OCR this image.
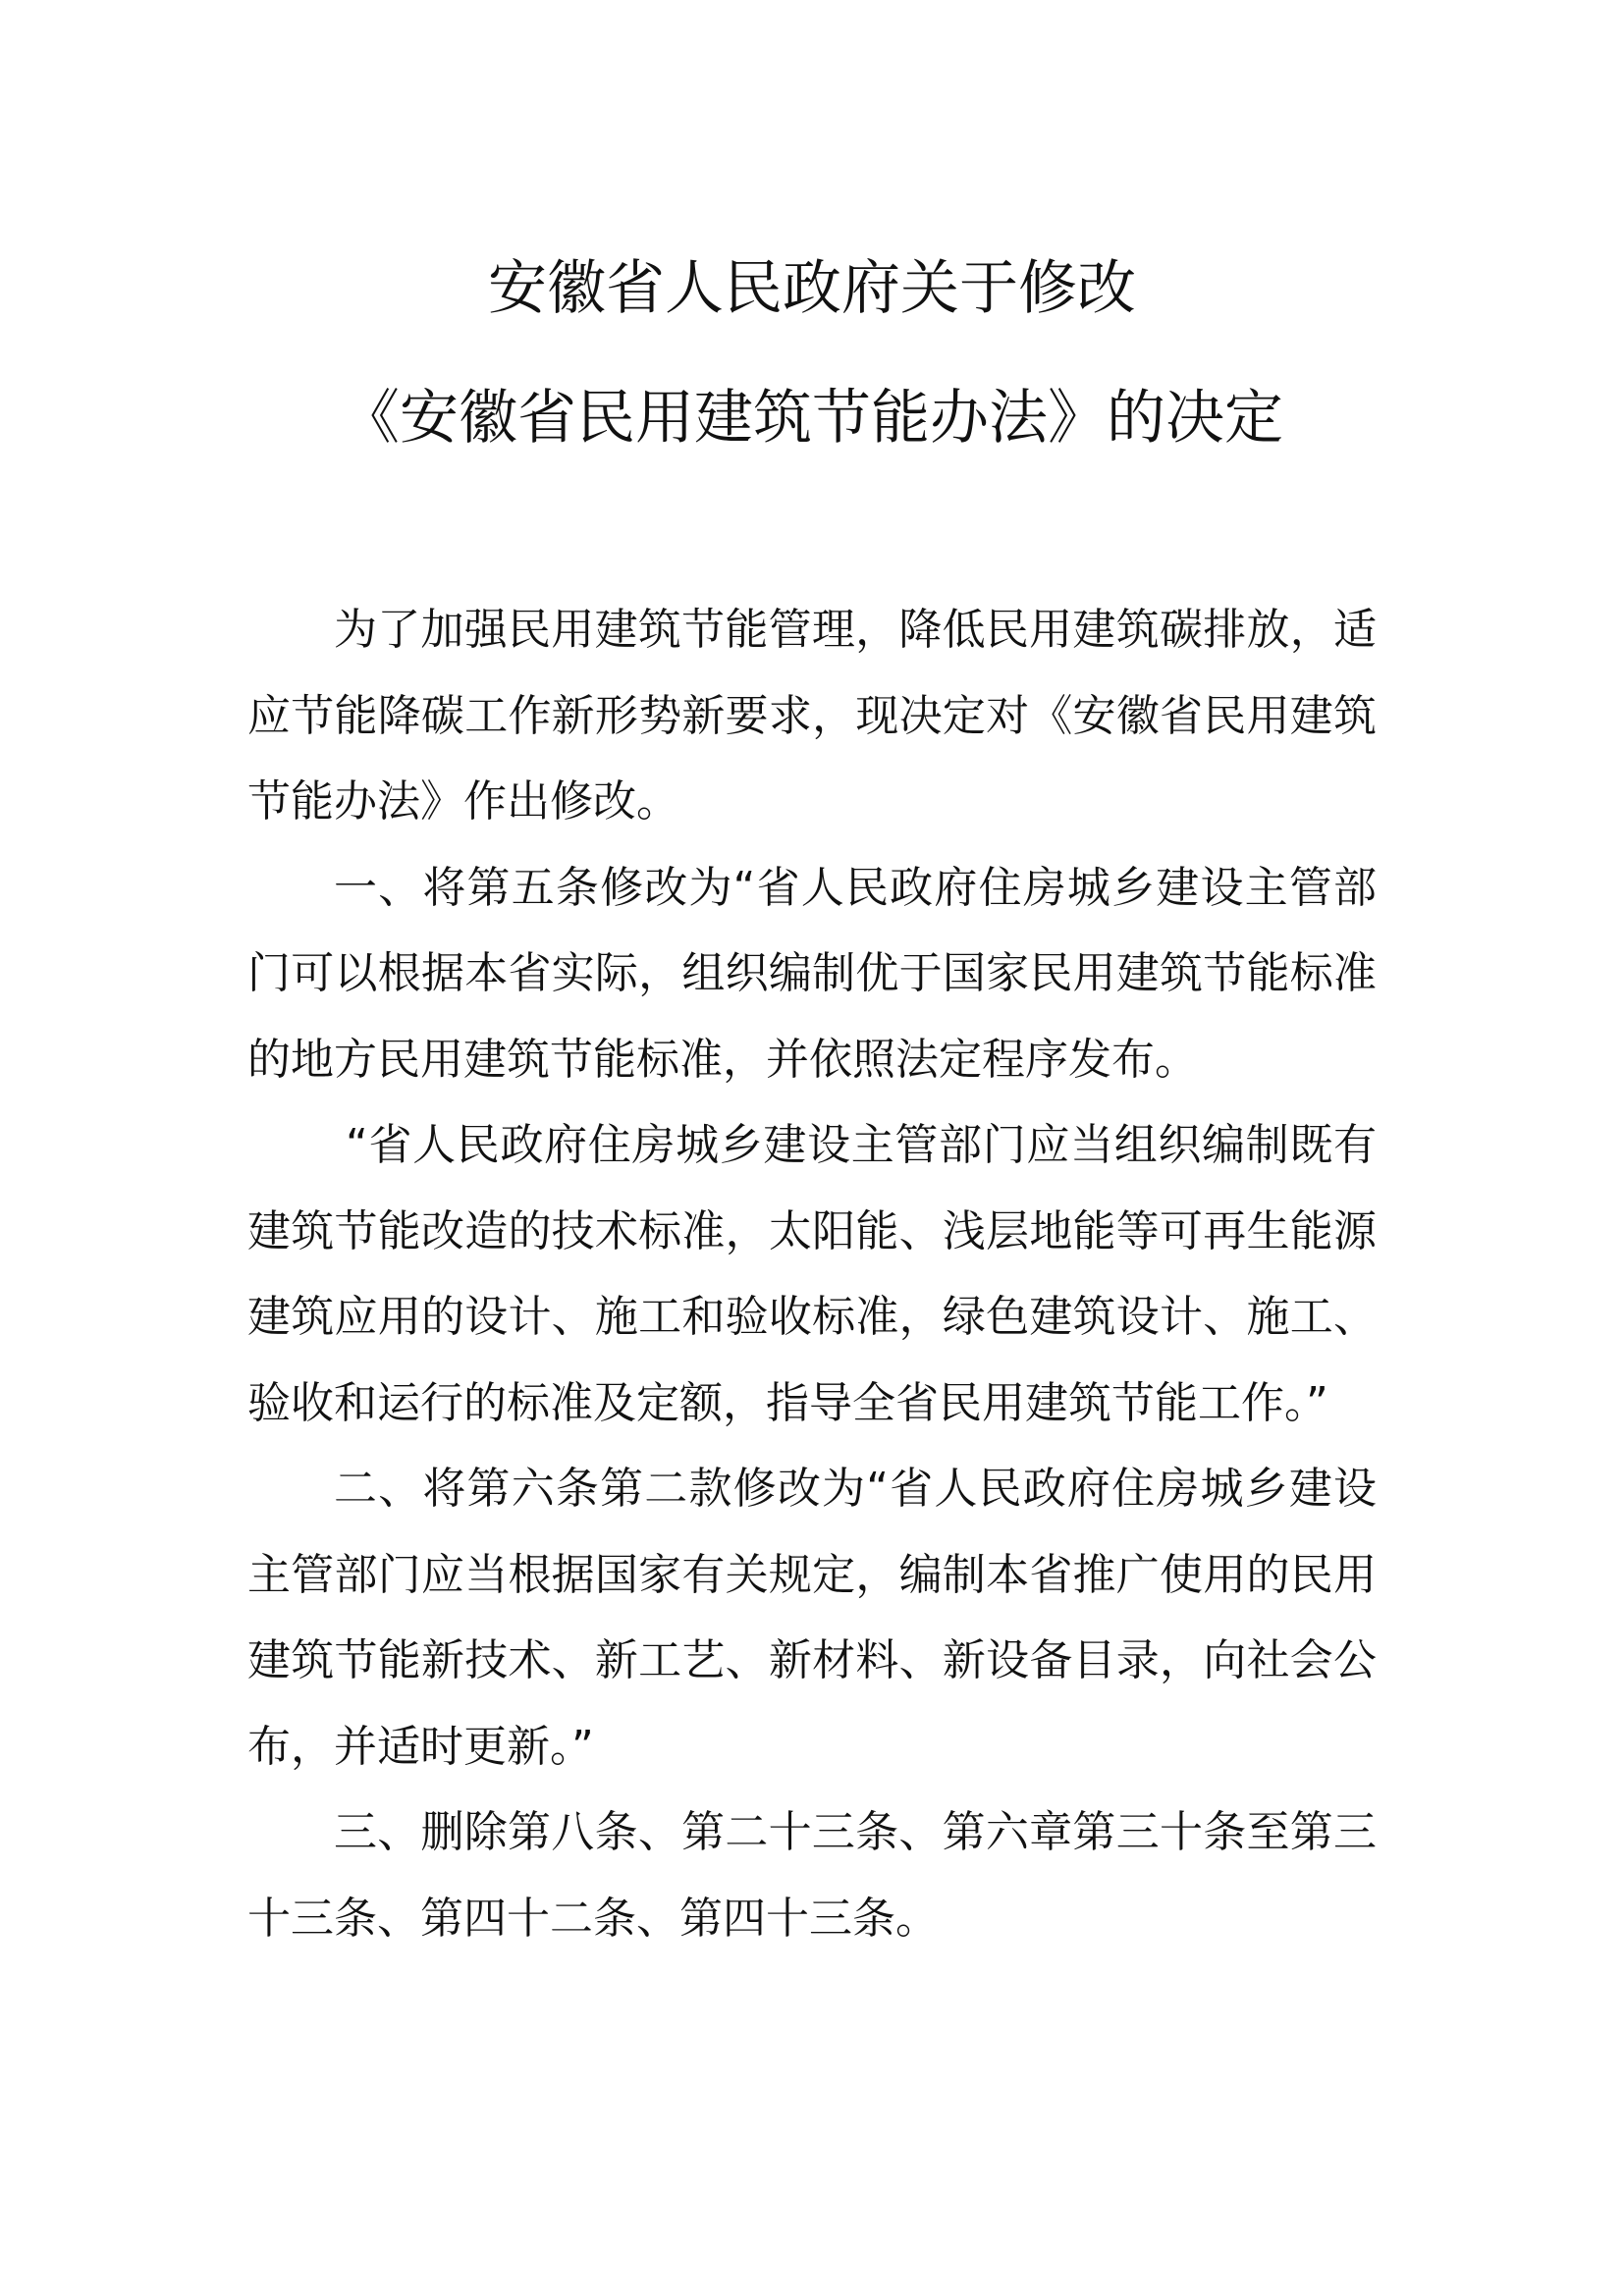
安徽省人民政府关于修改
《安徽省民用建筑节能办法》的决定

为了加强民用建筑节能管理，降低民用建筑碳排放，适应节能降碳工作新形势新要求，现决定对《安徽省民用建筑节能办法》作出修改。

一、将第五条修改为“省人民政府住房城乡建设主管部门可以根据本省实际，组织编制优于国家民用建筑节能标准的地方民用建筑节能标准，并依照法定程序发布。

“省人民政府住房城乡建设主管部门应当组织编制既有建筑节能改造的技术标准，太阳能、浅层地能等可再生能源建筑应用的设计、施工和验收标准，绿色建筑设计、施工、验收和运行的标准及定额，指导全省民用建筑节能工作。”

二、将第六条第二款修改为“省人民政府住房城乡建设主管部门应当根据国家有关规定，编制本省推广使用的民用建筑节能新技术、新工艺、新材料、新设备目录，向社会公布，并适时更新。”

三、删除第八条、第二十三条、第六章第三十条至第三十三条、第四十二条、第四十三条。
